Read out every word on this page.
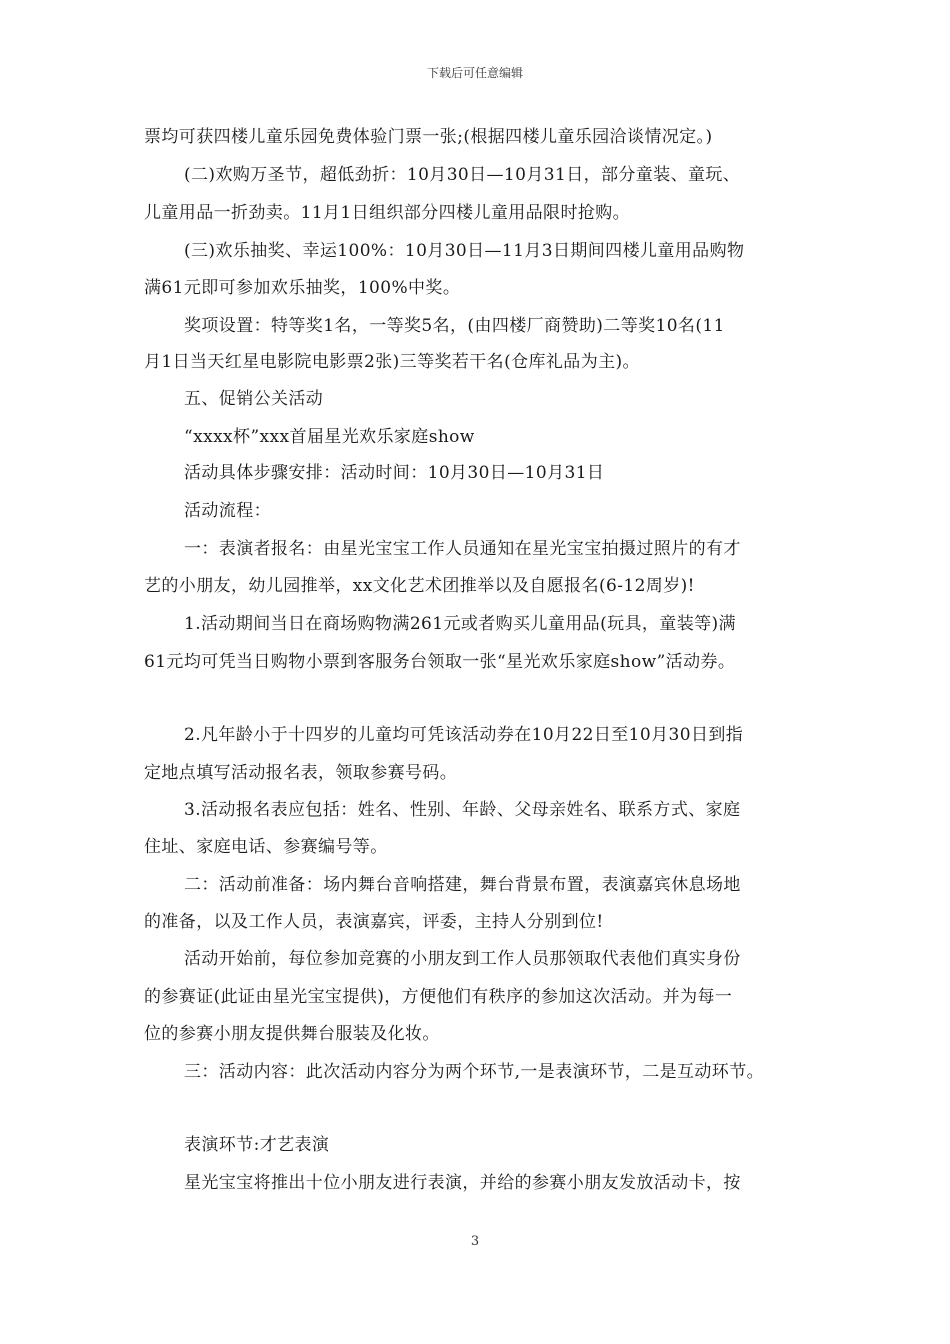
下载后可任意编辑
票均可获四楼儿童乐园免费体验门票一张;(根据四楼儿童乐园洽谈情况定。)
(二)欢购万圣节，超低劲折：10月30日—10月31日，部分童装、童玩、
儿童用品一折劲卖。11月1日组织部分四楼儿童用品限时抢购。
(三)欢乐抽奖、幸运100%：10月30日—11月3日期间四楼儿童用品购物
满61元即可参加欢乐抽奖，100%中奖。
奖项设置：特等奖1名，一等奖5名，(由四楼厂商赞助)二等奖10名(11
月1日当天红星电影院电影票2张)三等奖若干名(仓库礼品为主)。
五、促销公关活动
“xxxx杯”xxx首届星光欢乐家庭show
活动具体步骤安排：活动时间：10月30日—10月31日
活动流程：
一：表演者报名：由星光宝宝工作人员通知在星光宝宝拍摄过照片的有才
艺的小朋友，幼儿园推举，xx文化艺术团推举以及自愿报名(6-12周岁)!
1.活动期间当日在商场购物满261元或者购买儿童用品(玩具，童装等)满
61元均可凭当日购物小票到客服务台领取一张“星光欢乐家庭show”活动券。
2.凡年龄小于十四岁的儿童均可凭该活动券在10月22日至10月30日到指
定地点填写活动报名表，领取参赛号码。
3.活动报名表应包括：姓名、性别、年龄、父母亲姓名、联系方式、家庭
住址、家庭电话、参赛编号等。
二：活动前准备：场内舞台音响搭建，舞台背景布置，表演嘉宾休息场地
的准备，以及工作人员，表演嘉宾，评委，主持人分别到位!
活动开始前，每位参加竞赛的小朋友到工作人员那领取代表他们真实身份
的参赛证(此证由星光宝宝提供)，方便他们有秩序的参加这次活动。并为每一
位的参赛小朋友提供舞台服装及化妆。
三：活动内容：此次活动内容分为两个环节,一是表演环节，二是互动环节。
表演环节:才艺表演
星光宝宝将推出十位小朋友进行表演，并给的参赛小朋友发放活动卡，按
3
